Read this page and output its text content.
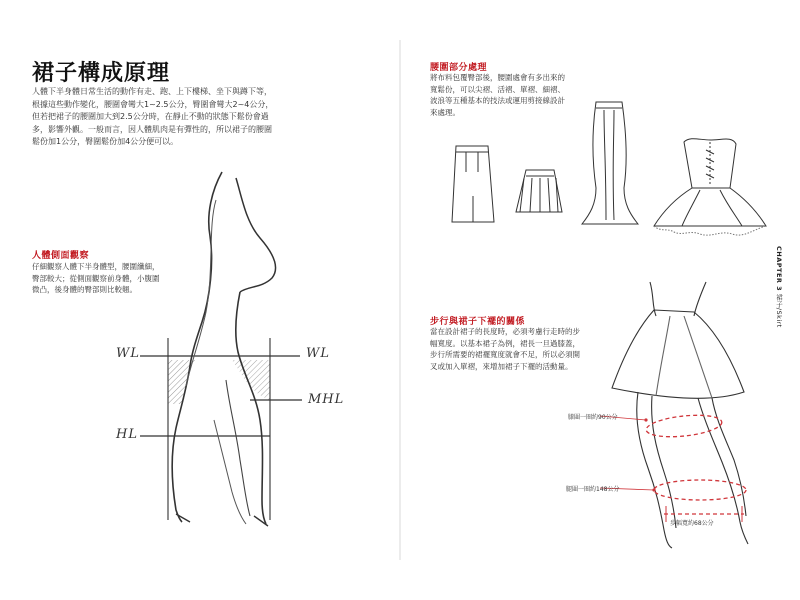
裙子構成原理

人體下半身體日常生活的動作有走、跑、上下樓梯、坐下與蹲下等，根據這些動作變化，腰圍會彎大1~2.5公分，臀圍會彎大2~4公分，但若把裙子的腰圍加大到2.5公分時，在靜止不動的狀態下鬆份會過多，影響外觀。一般而言，因人體肌肉是有彈性的，所以裙子的腰圍鬆份加1公分，臀圍鬆份加4公分便可以。

人體側面觀察

仔細觀察人體下半身體型，腰圍纖細，臀部較大；從側面觀察前身體，小腹圍微凸，後身體的臀部則比較翹。

WL	WL
MHL
HL
腰圍部分處理

將布料包覆臀部後，腰圍處會有多出來的寬鬆份，可以尖褶、活褶、單褶、細褶、波浪等五種基本的技法或運用剪接線設計來處理。

步行與裙子下襬的關係

當在設計裙子的長度時，必須考慮行走時的步幅寬度。以基本裙子為例，裙長一旦過膝蓋，步行所需要的裙襬寬度就會不足，所以必須開叉或加入單褶，來增加裙子下襬的活動量。

膝圍一圈約90公分
腿圍一圈約148公分
步幅寬約68公分
CHAPTER 3 裙子/Skirt
